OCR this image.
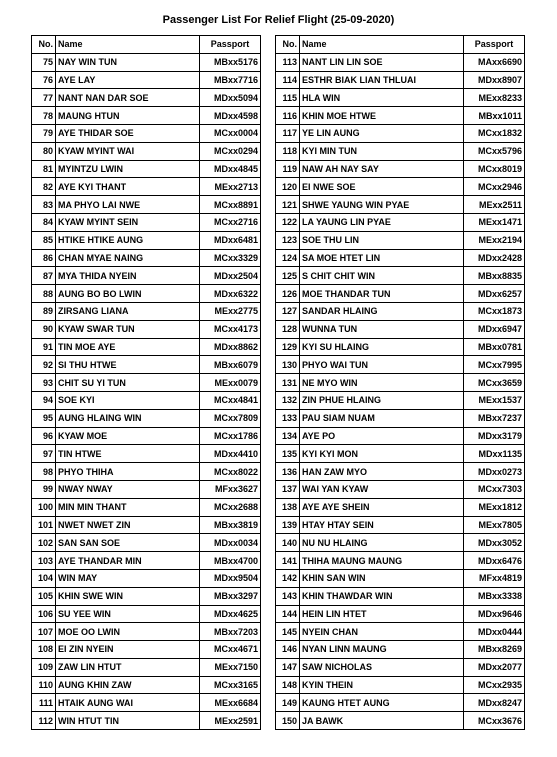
Passenger List For Relief Flight (25-09-2020)
No.	Name	Passport
75	NAY WIN TUN	MBxx5176
76	AYE LAY	MBxx7716
77	NANT NAN DAR SOE	MDxx5094
78	MAUNG HTUN	MDxx4598
79	AYE THIDAR SOE	MCxx0004
80	KYAW MYINT WAI	MCxx0294
81	MYINTZU LWIN	MDxx4845
82	AYE KYI THANT	MExx2713
83	MA PHYO LAI NWE	MCxx8891
84	KYAW MYINT SEIN	MCxx2716
85	HTIKE HTIKE AUNG	MDxx6481
86	CHAN MYAE NAING	MCxx3329
87	MYA THIDA NYEIN	MDxx2504
88	AUNG BO BO LWIN	MDxx6322
89	ZIRSANG LIANA	MExx2775
90	KYAW SWAR TUN	MCxx4173
91	TIN MOE AYE	MDxx8862
92	SI THU HTWE	MBxx6079
93	CHIT SU YI TUN	MExx0079
94	SOE KYI	MCxx4841
95	AUNG HLAING WIN	MCxx7809
96	KYAW MOE	MCxx1786
97	TIN HTWE	MDxx4410
98	PHYO THIHA	MCxx8022
99	NWAY NWAY	MFxx3627
100	MIN MIN THANT	MCxx2688
101	NWET NWET ZIN	MBxx3819
102	SAN SAN SOE	MDxx0034
103	AYE THANDAR MIN	MBxx4700
104	WIN MAY	MDxx9504
105	KHIN SWE WIN	MBxx3297
106	SU YEE WIN	MDxx4625
107	MOE OO LWIN	MBxx7203
108	EI ZIN NYEIN	MCxx4671
109	ZAW LIN HTUT	MExx7150
110	AUNG KHIN ZAW	MCxx3165
111	HTAIK AUNG WAI	MExx6684
112	WIN HTUT TIN	MExx2591
No.	Name	Passport
113	NANT LIN LIN SOE	MAxx6690
114	ESTHR BIAK LIAN THLUAI	MDxx8907
115	HLA WIN	MExx8233
116	KHIN MOE HTWE	MBxx1011
117	YE LIN AUNG	MCxx1832
118	KYI MIN TUN	MCxx5796
119	NAW AH NAY SAY	MCxx8019
120	EI NWE SOE	MCxx2946
121	SHWE YAUNG WIN PYAE	MExx2511
122	LA YAUNG LIN PYAE	MExx1471
123	SOE THU LIN	MExx2194
124	SA MOE HTET LIN	MDxx2428
125	S CHIT CHIT WIN	MBxx8835
126	MOE THANDAR TUN	MDxx6257
127	SANDAR HLAING	MCxx1873
128	WUNNA TUN	MDxx6947
129	KYI SU HLAING	MBxx0781
130	PHYO WAI TUN	MCxx7995
131	NE MYO WIN	MCxx3659
132	ZIN PHUE HLAING	MExx1537
133	PAU SIAM NUAM	MBxx7237
134	AYE PO	MDxx3179
135	KYI KYI MON	MDxx1135
136	HAN ZAW MYO	MDxx0273
137	WAI YAN KYAW	MCxx7303
138	AYE AYE SHEIN	MExx1812
139	HTAY HTAY SEIN	MExx7805
140	NU NU HLAING	MDxx3052
141	THIHA MAUNG MAUNG	MDxx6476
142	KHIN SAN WIN	MFxx4819
143	KHIN THAWDAR WIN	MBxx3338
144	HEIN LIN HTET	MDxx9646
145	NYEIN CHAN	MDxx0444
146	NYAN LINN MAUNG	MBxx8269
147	SAW NICHOLAS	MDxx2077
148	KYIN THEIN	MCxx2935
149	KAUNG HTET AUNG	MDxx8247
150	JA BAWK	MCxx3676
